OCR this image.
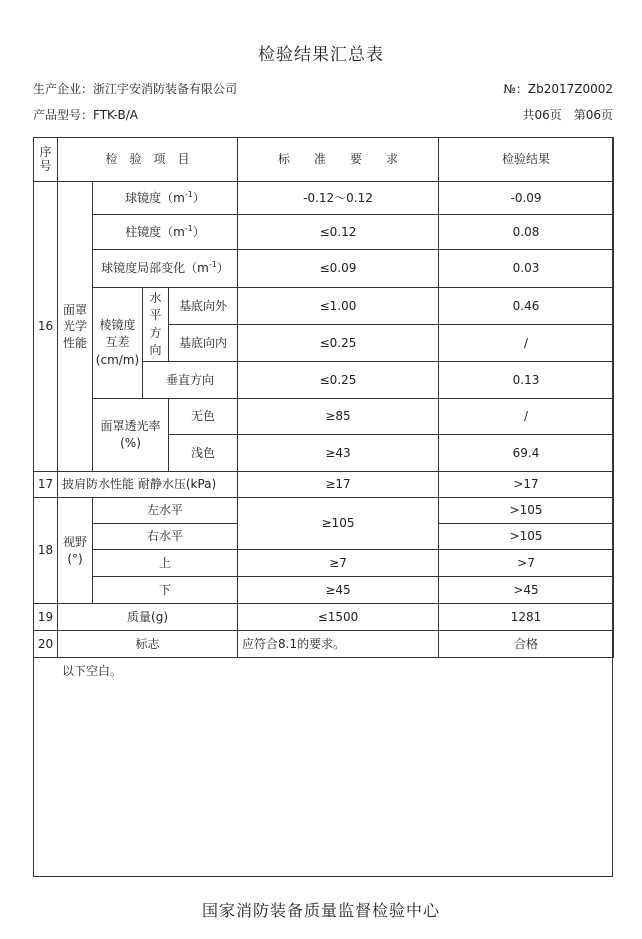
检验结果汇总表
生产企业：浙江宇安消防装备有限公司	№：Zb2017Z0002
产品型号：FTK-B/A	共06页　第06页
序号	检　验　项　目				标　　准　　要　　求	检验结果
16	面罩光学性能	球镜度$(m^{-1})$			-0.12～0.12	-0.09
		柱镜度$(m^{-1})$			≤0.12	0.08
		球镜度局部变化$(m^{-1})$			≤0.09	0.03
		棱镜度互差(cm/m)	水平方向	基底向外	≤1.00	0.46
				基底向内	≤0.25	/
			垂直方向		≤0.25	0.13
		面罩透光率(%)		无色	≥85	/
				浅色	≥43	69.4
17	披肩防水性能 耐静水压(kPa)				≥17	>17
18	视野(°)	左水平			≥105	>105
		右水平				>105
		上			≥7	>7
		下			≥45	>45
19	质量(g)				≤1500	1281
20	标志				应符合8.1的要求。	合格
以下空白。
国家消防装备质量监督检验中心
